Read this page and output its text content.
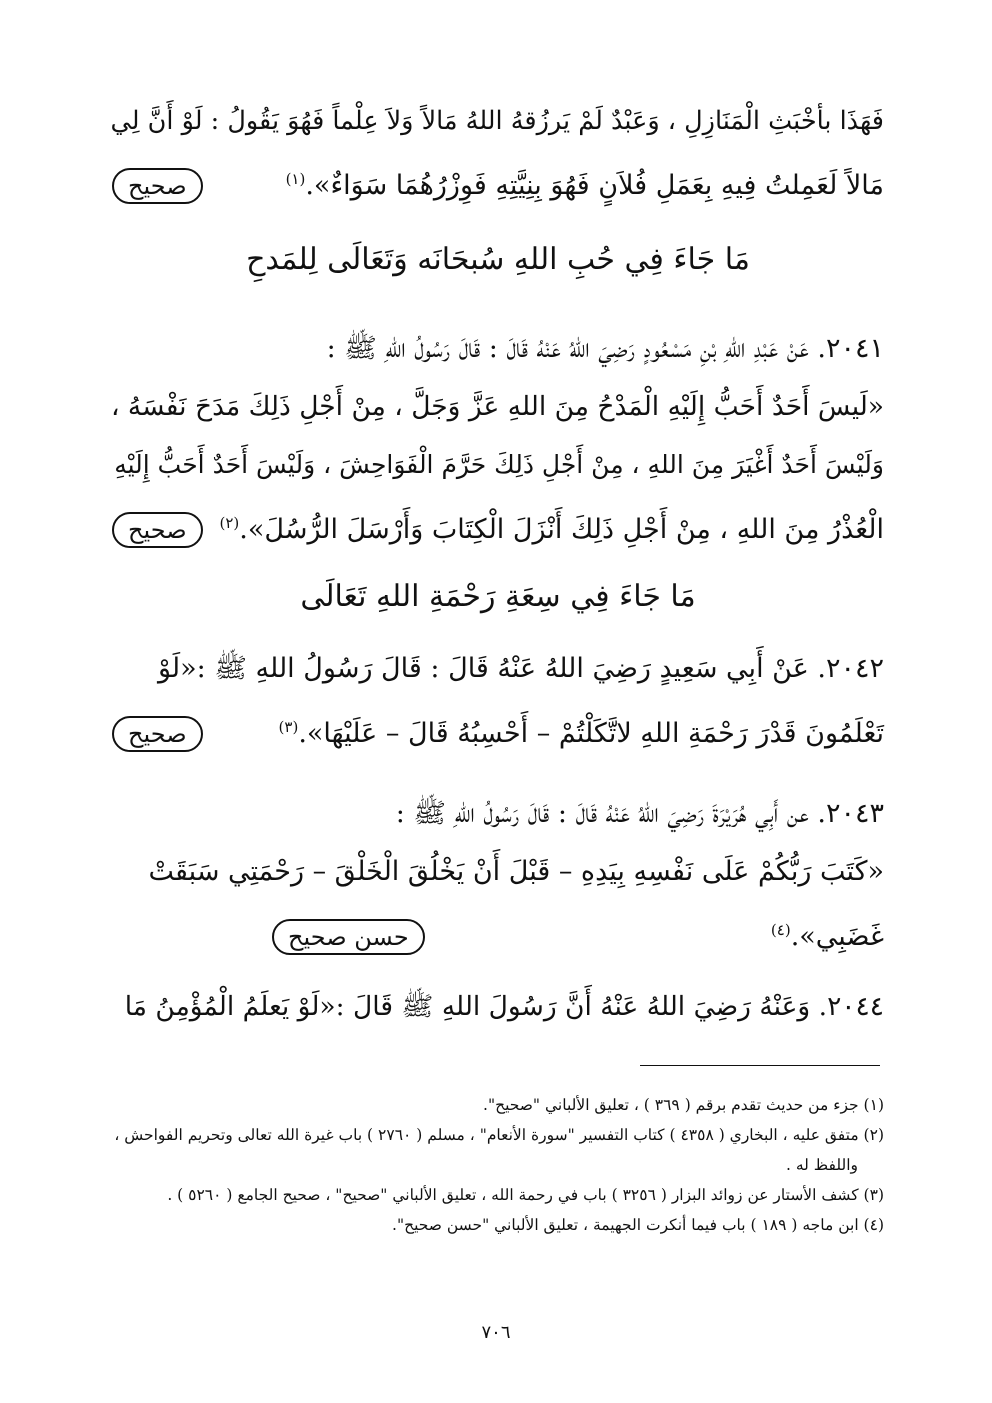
فَهَذَا بأخْبَثِ الْمَنَازِلِ ، وَعَبْدٌ لَمْ يَرزُقهُ اللهُ مَالاً وَلاَ عِلْماً فَهُوَ يَقُولُ : لَوْ أَنَّ لِي
مَالاً لَعَمِلتُ فِيهِ بِعَمَلِ فُلاَنٍ فَهُوَ بِنِيَّتِهِ فَوِزْرُهُمَا سَوَاءٌ».$^{(١)}$
صحيح
مَا جَاءَ فِي حُبِ اللهِ سُبحَانَه وَتَعَالَى لِلمَدحِ
٢٠٤١. عَنْ عَبْدِ اللهِ بْنِ مَسْعُودٍ رَضِيَ اللهُ عَنْهُ قَالَ : قَالَ رَسُولُ اللهِ ﷺ :
«لَيسَ أَحَدٌ أَحَبُّ إِلَيْهِ الْمَدْحُ مِنَ اللهِ عَزَّ وَجَلَّ ، مِنْ أَجْلِ ذَلِكَ مَدَحَ نَفْسَهُ ،
وَلَيْسَ أَحَدٌ أَغْيَرَ مِنَ اللهِ ، مِنْ أَجْلِ ذَلِكَ حَرَّمَ الْفَوَاحِشَ ، وَلَيْسَ أَحَدٌ أَحَبُّ إِلَيْهِ
الْعُذْرُ مِنَ اللهِ ، مِنْ أَجْلِ ذَلِكَ أَنْزَلَ الْكِتَابَ وَأَرْسَلَ الرُّسُلَ».$^{(٢)}$
صحيح
مَا جَاءَ فِي سِعَةِ رَحْمَةِ اللهِ تَعَالَى
٢٠٤٢. عَنْ أَبِي سَعِيدٍ رَضِيَ اللهُ عَنْهُ قَالَ : قَالَ رَسُولُ اللهِ ﷺ :«لَوْ
تَعْلَمُونَ قَدْرَ رَحْمَةِ اللهِ لاتَّكَلْتُمْ – أَحْسِبُهُ قَالَ – عَلَيْهَا».$^{(٣)}$
صحيح
٢٠٤٣. عن أَبِي هُرَيْرَةَ رَضِيَ اللهُ عَنْهُ قَالَ : قَالَ رَسُولُ اللهِ ﷺ :
«كَتَبَ رَبُّكُمْ عَلَى نَفْسِهِ بِيَدِهِ – قَبْلَ أَنْ يَخْلُقَ الْخَلْقَ – رَحْمَتِي سَبَقَتْ
غَضَبِي».$^{(٤)}$
حسن صحيح
٢٠٤٤. وَعَنْهُ رَضِيَ اللهُ عَنْهُ أَنَّ رَسُولَ اللهِ ﷺ قَالَ :«لَوْ يَعلَمُ الْمُؤْمِنُ مَا
(١) جزء من حديث تقدم برقم ( ٣٦٩ ) ، تعليق الألباني "صحيح".
(٢) متفق عليه ، البخاري ( ٤٣٥٨ ) كتاب التفسير "سورة الأنعام" ، مسلم ( ٢٧٦٠ ) باب غيرة الله تعالى وتحريم الفواحش ،
واللفظ له .
(٣) كشف الأستار عن زوائد البزار ( ٣٢٥٦ ) باب في رحمة الله ، تعليق الألباني "صحيح" ، صحيح الجامع ( ٥٢٦٠ ) .
(٤) ابن ماجه ( ١٨٩ ) باب فيما أنكرت الجهيمة ، تعليق الألباني "حسن صحيح".
٧٠٦
